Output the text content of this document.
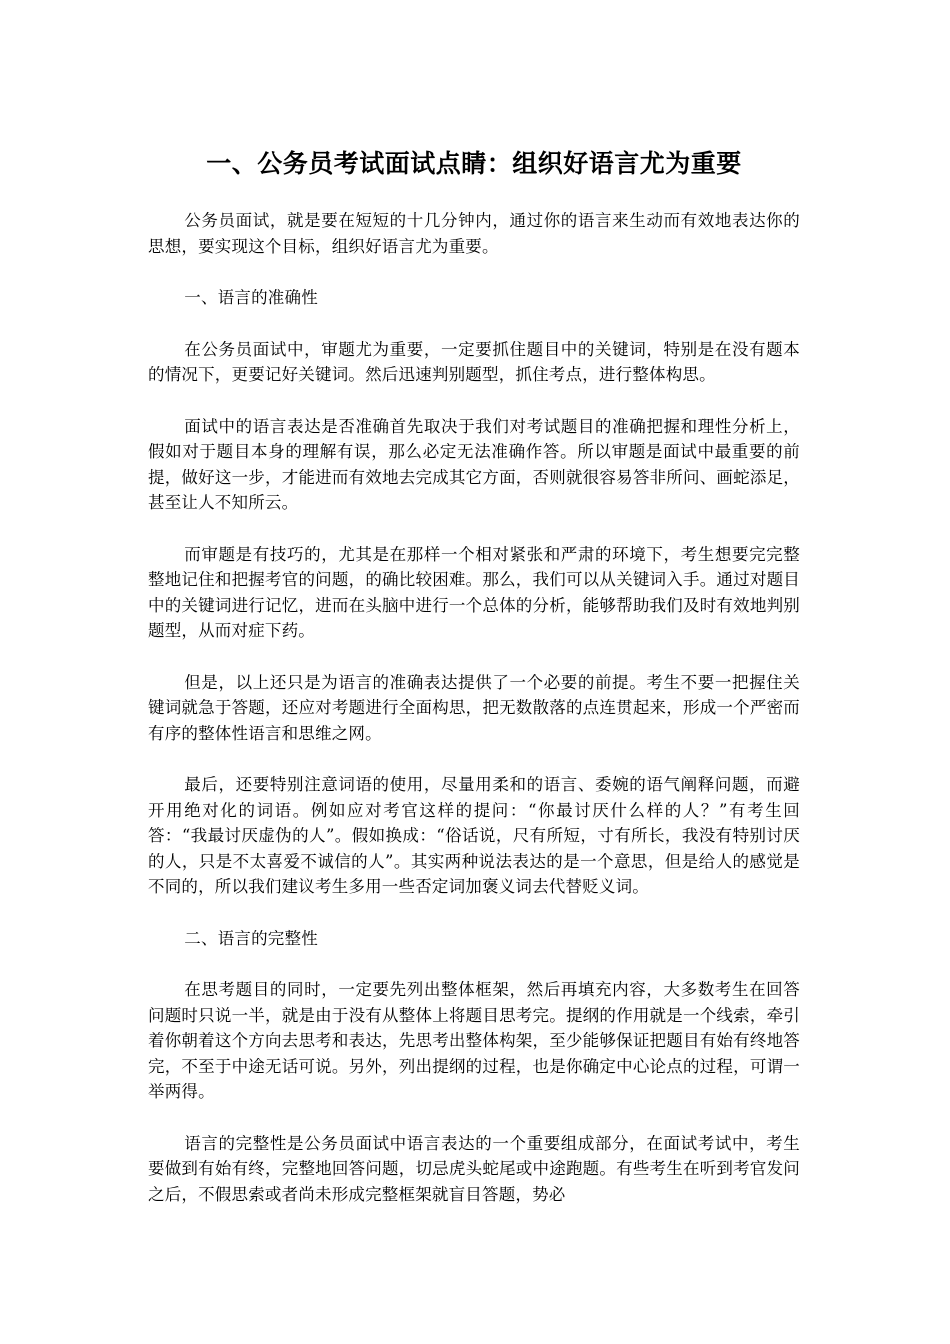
一、公务员考试面试点睛：组织好语言尤为重要

公务员面试，就是要在短短的十几分钟内，通过你的语言来生动而有效地表达你的思想，要实现这个目标，组织好语言尤为重要。

一、语言的准确性

在公务员面试中，审题尤为重要，一定要抓住题目中的关键词，特别是在没有题本的情况下，更要记好关键词。然后迅速判别题型，抓住考点，进行整体构思。

面试中的语言表达是否准确首先取决于我们对考试题目的准确把握和理性分析上，假如对于题目本身的理解有误，那么必定无法准确作答。所以审题是面试中最重要的前提，做好这一步，才能进而有效地去完成其它方面，否则就很容易答非所问、画蛇添足，甚至让人不知所云。

而审题是有技巧的，尤其是在那样一个相对紧张和严肃的环境下，考生想要完完整整地记住和把握考官的问题，的确比较困难。那么，我们可以从关键词入手。通过对题目中的关键词进行记忆，进而在头脑中进行一个总体的分析，能够帮助我们及时有效地判别题型，从而对症下药。

但是，以上还只是为语言的准确表达提供了一个必要的前提。考生不要一把握住关键词就急于答题，还应对考题进行全面构思，把无数散落的点连贯起来，形成一个严密而有序的整体性语言和思维之网。

最后，还要特别注意词语的使用，尽量用柔和的语言、委婉的语气阐释问题，而避开用绝对化的词语。例如应对考官这样的提问：“你最讨厌什么样的人？”有考生回答：“我最讨厌虚伪的人”。假如换成：“俗话说，尺有所短，寸有所长，我没有特别讨厌的人，只是不太喜爱不诚信的人”。其实两种说法表达的是一个意思，但是给人的感觉是不同的，所以我们建议考生多用一些否定词加褒义词去代替贬义词。

二、语言的完整性

在思考题目的同时，一定要先列出整体框架，然后再填充内容，大多数考生在回答问题时只说一半，就是由于没有从整体上将题目思考完。提纲的作用就是一个线索，牵引着你朝着这个方向去思考和表达，先思考出整体构架，至少能够保证把题目有始有终地答完，不至于中途无话可说。另外，列出提纲的过程，也是你确定中心论点的过程，可谓一举两得。

语言的完整性是公务员面试中语言表达的一个重要组成部分，在面试考试中，考生要做到有始有终，完整地回答问题，切忌虎头蛇尾或中途跑题。有些考生在听到考官发问之后，不假思索或者尚未形成完整框架就盲目答题，势必
